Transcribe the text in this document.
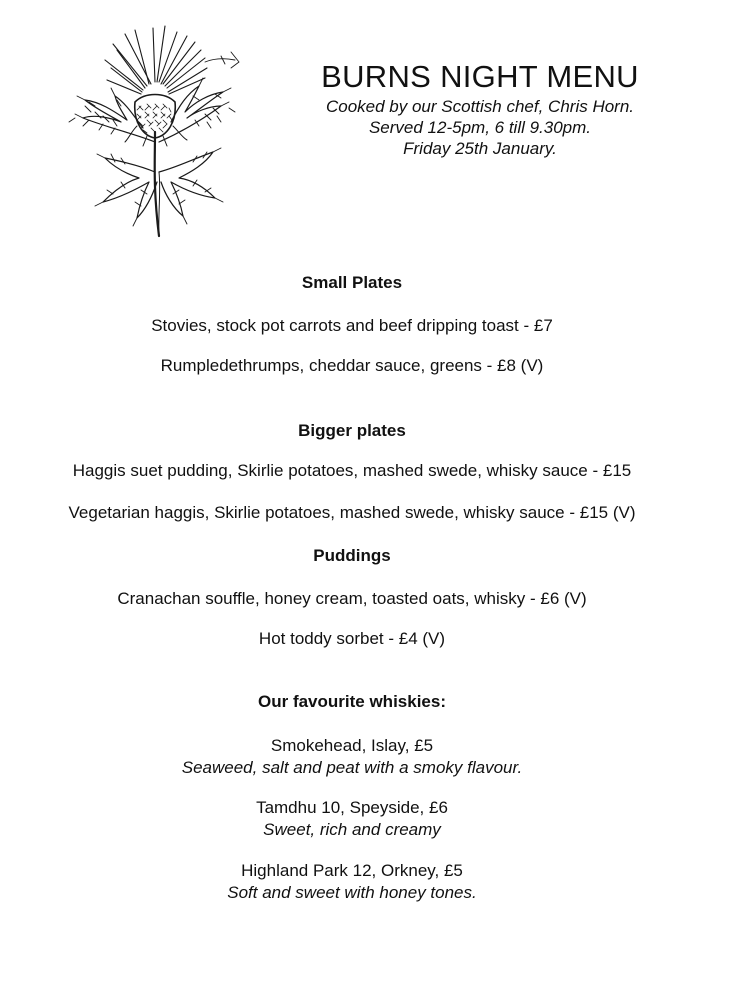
BURNS NIGHT MENU
Cooked by our Scottish chef, Chris Horn.
Served 12-5pm, 6 till 9.30pm.
Friday 25th January.
Small Plates
Stovies, stock pot carrots and beef dripping toast - £7
Rumpledethrumps, cheddar sauce, greens - £8 (V)
Bigger plates
Haggis suet pudding, Skirlie potatoes, mashed swede, whisky sauce - £15
Vegetarian haggis, Skirlie potatoes, mashed swede, whisky sauce - £15 (V)
Puddings
Cranachan souffle, honey cream, toasted oats, whisky - £6 (V)
Hot toddy sorbet - £4 (V)
Our favourite whiskies:
Smokehead, Islay, £5
Seaweed, salt and peat with a smoky flavour.
Tamdhu 10, Speyside, £6
Sweet, rich and creamy
Highland Park 12, Orkney, £5
Soft and sweet with honey tones.
